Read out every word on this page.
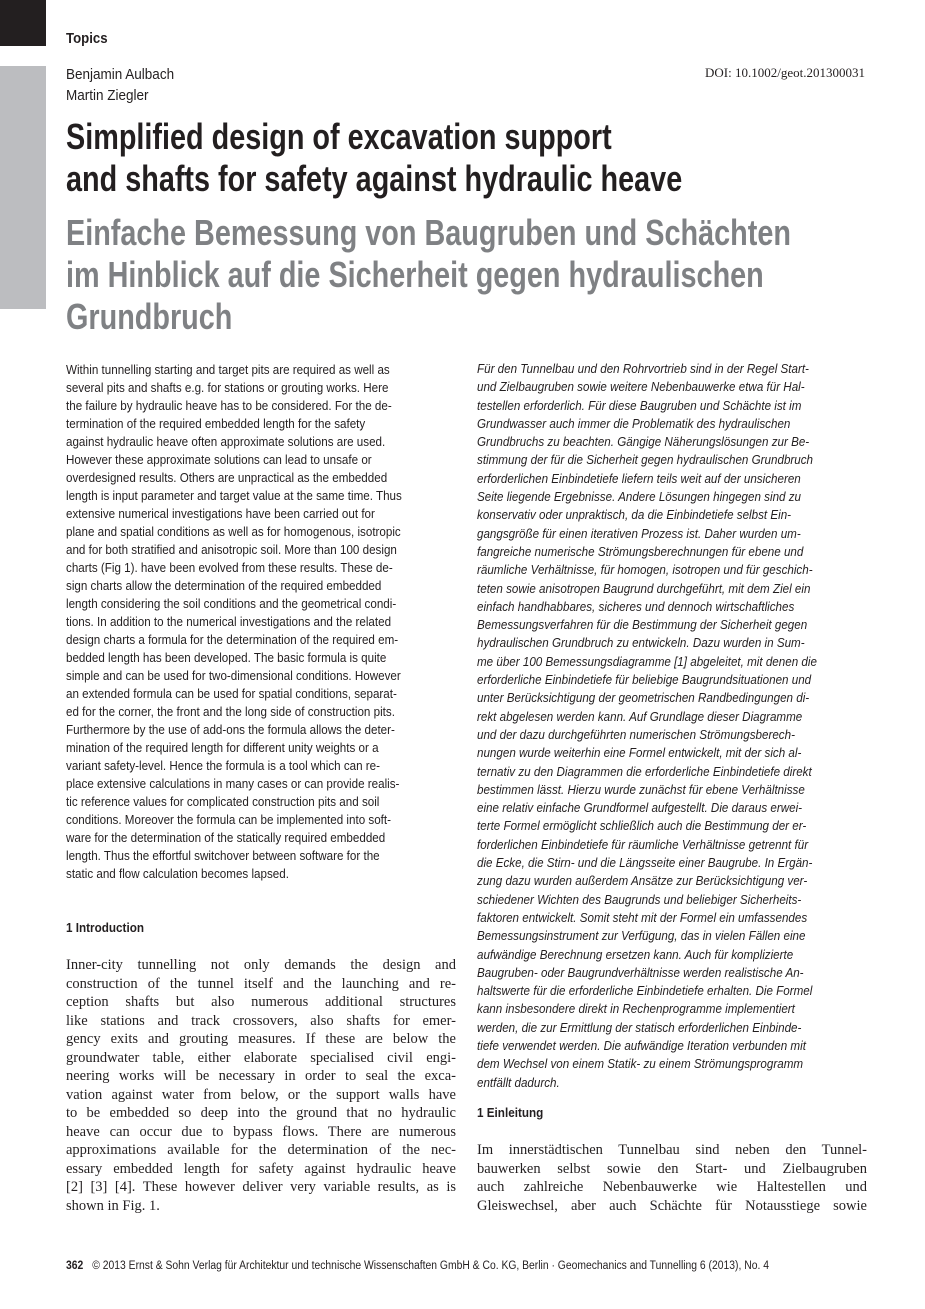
Topics
Benjamin Aulbach
Martin Ziegler
DOI: 10.1002/geot.201300031
Simplified design of excavation support
and shafts for safety against hydraulic heave
Einfache Bemessung von Baugruben und Schächten
im Hinblick auf die Sicherheit gegen hydraulischen
Grundbruch
Within tunnelling starting and target pits are required as well as
several pits and shafts e.g. for stations or grouting works. Here
the failure by hydraulic heave has to be considered. For the de-
termination of the required embedded length for the safety
against hydraulic heave often approximate solutions are used.
However these approximate solutions can lead to unsafe or
overdesigned results. Others are unpractical as the embedded
length is input parameter and target value at the same time. Thus
extensive numerical investigations have been carried out for
plane and spatial conditions as well as for homogenous, isotropic
and for both stratified and anisotropic soil. More than 100 design
charts (Fig 1). have been evolved from these results. These de-
sign charts allow the determination of the required embedded
length considering the soil conditions and the geometrical condi-
tions. In addition to the numerical investigations and the related
design charts a formula for the determination of the required em-
bedded length has been developed. The basic formula is quite
simple and can be used for two-dimensional conditions. However
an extended formula can be used for spatial conditions, separat-
ed for the corner, the front and the long side of construction pits.
Furthermore by the use of add-ons the formula allows the deter-
mination of the required length for different unity weights or a
variant safety-level. Hence the formula is a tool which can re-
place extensive calculations in many cases or can provide realis-
tic reference values for complicated construction pits and soil
conditions. Moreover the formula can be implemented into soft-
ware for the determination of the statically required embedded
length. Thus the effortful switchover between software for the
static and flow calculation becomes lapsed.
Für den Tunnelbau und den Rohrvortrieb sind in der Regel Start-
und Zielbaugruben sowie weitere Nebenbauwerke etwa für Hal-
testellen erforderlich. Für diese Baugruben und Schächte ist im
Grundwasser auch immer die Problematik des hydraulischen
Grundbruchs zu beachten. Gängige Näherungslösungen zur Be-
stimmung der für die Sicherheit gegen hydraulischen Grundbruch
erforderlichen Einbindetiefe liefern teils weit auf der unsicheren
Seite liegende Ergebnisse. Andere Lösungen hingegen sind zu
konservativ oder unpraktisch, da die Einbindetiefe selbst Ein-
gangsgröße für einen iterativen Prozess ist. Daher wurden um-
fangreiche numerische Strömungsberechnungen für ebene und
räumliche Verhältnisse, für homogen, isotropen und für geschich-
teten sowie anisotropen Baugrund durchgeführt, mit dem Ziel ein
einfach handhabbares, sicheres und dennoch wirtschaftliches
Bemessungsverfahren für die Bestimmung der Sicherheit gegen
hydraulischen Grundbruch zu entwickeln. Dazu wurden in Sum-
me über 100 Bemessungsdiagramme [1] abgeleitet, mit denen die
erforderliche Einbindetiefe für beliebige Baugrundsituationen und
unter Berücksichtigung der geometrischen Randbedingungen di-
rekt abgelesen werden kann. Auf Grundlage dieser Diagramme
und der dazu durchgeführten numerischen Strömungsberech-
nungen wurde weiterhin eine Formel entwickelt, mit der sich al-
ternativ zu den Diagrammen die erforderliche Einbindetiefe direkt
bestimmen lässt. Hierzu wurde zunächst für ebene Verhältnisse
eine relativ einfache Grundformel aufgestellt. Die daraus erwei-
terte Formel ermöglicht schließlich auch die Bestimmung der er-
forderlichen Einbindetiefe für räumliche Verhältnisse getrennt für
die Ecke, die Stirn- und die Längsseite einer Baugrube. In Ergän-
zung dazu wurden außerdem Ansätze zur Berücksichtigung ver-
schiedener Wichten des Baugrunds und beliebiger Sicherheits-
faktoren entwickelt. Somit steht mit der Formel ein umfassendes
Bemessungsinstrument zur Verfügung, das in vielen Fällen eine
aufwändige Berechnung ersetzen kann. Auch für komplizierte
Baugruben- oder Baugrundverhältnisse werden realistische An-
haltswerte für die erforderliche Einbindetiefe erhalten. Die Formel
kann insbesondere direkt in Rechenprogramme implementiert
werden, die zur Ermittlung der statisch erforderlichen Einbinde-
tiefe verwendet werden. Die aufwändige Iteration verbunden mit
dem Wechsel von einem Statik- zu einem Strömungsprogramm
entfällt dadurch.
1 Introduction
Inner-city tunnelling not only demands the design and
construction of the tunnel itself and the launching and re-
ception shafts but also numerous additional structures
like stations and track crossovers, also shafts for emer-
gency exits and grouting measures. If these are below the
groundwater table, either elaborate specialised civil engi-
neering works will be necessary in order to seal the exca-
vation against water from below, or the support walls have
to be embedded so deep into the ground that no hydraulic
heave can occur due to bypass flows. There are numerous
approximations available for the determination of the nec-
essary embedded length for safety against hydraulic heave
[2] [3] [4]. These however deliver very variable results, as is
shown in Fig. 1.
1 Einleitung
Im innerstädtischen Tunnelbau sind neben den Tunnel-
bauwerken selbst sowie den Start- und Zielbaugruben
auch zahlreiche Nebenbauwerke wie Haltestellen und
Gleiswechsel, aber auch Schächte für Notausstiege sowie
362 © 2013 Ernst & Sohn Verlag für Architektur und technische Wissenschaften GmbH & Co. KG, Berlin · Geomechanics and Tunnelling 6 (2013), No. 4
